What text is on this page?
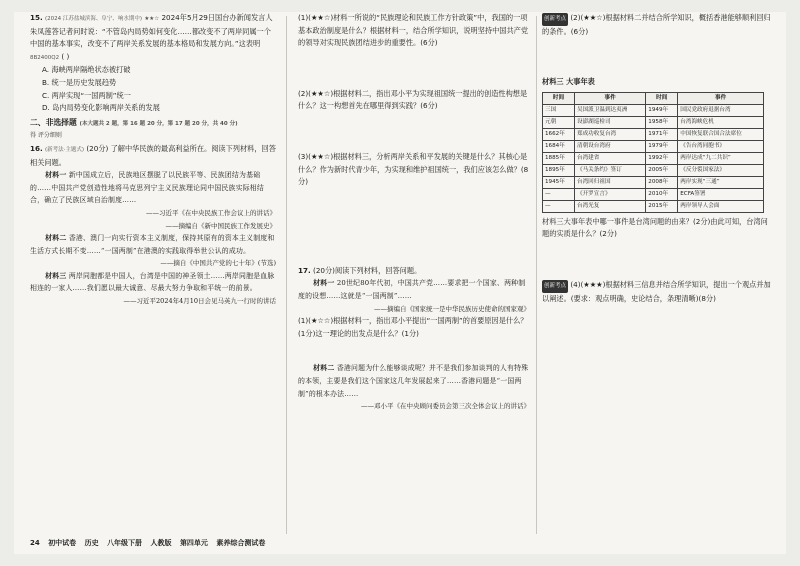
15. (2024 江苏盐城滨海、阜宁、响水期中) ★★☆ 2024年5月29日国台办新闻发言人朱凤莲答记者问时说：“不管岛内局势如何变化……都改变不了两岸同属一个中国的基本事实，改变不了两岸关系发展的基本格局和发展方向。”这表明 8B2400Q2 ( )

A. 海峡两岸隔绝状态被打破

B. 统一是历史发展趋势

C. 两岸实现“一国两制”统一

D. 岛内局势变化影响两岸关系的发展

二、非选择题 (本大题共 2 题，第 16 题 20 分，第 17 题 20 分，共 40 分)

得 评分细则

16. (新考法·主题式) (20分) 了解中华民族的最高利益所在。阅读下列材料，回答相关问题。

材料一 新中国成立后，民族地区摆脱了以民族平等、民族团结为基础的……中国共产党创造性地将马克思列宁主义民族理论同中国民族实际相结合，确立了民族区域自治制度……

——习近平《在中央民族工作会议上的讲话》

——摘编自《新中国民族工作发展史》

材料二 香港、澳门一向实行资本主义制度，保持其原有的资本主义制度和生活方式长期不变……“一国两制”在港澳的实践取得举世公认的成功。

——摘自《中国共产党的七十年》(节选)

材料三 两岸同胞都是中国人，台湾是中国的神圣领土……两岸同胞是血脉相连的一家人……我们愿以最大诚意、尽最大努力争取和平统一的前景。

——习近平2024年4月10日会见马英九一行时的讲话

(1)(★★☆)材料一所说的“民族理论和民族工作方针政策”中，我国的一项基本政治制度是什么？根据材料一，结合所学知识，说明坚持中国共产党的领导对实现民族团结进步的重要性。(6分)

(2)(★★☆)根据材料二，指出邓小平为实现祖国统一提出的创造性构想是什么？这一构想首先在哪里得到实践？(6分)

(3)(★★☆)根据材料三，分析两岸关系和平发展的关键是什么？其核心是什么？作为新时代青少年，为实现和维护祖国统一，我们应该怎么做？(8分)

17. (20分)阅读下列材料，回答问题。

材料一 20世纪80年代初，中国共产党……要求把一个国家、两种制度的设想……这就是“一国两制”……

——摘编自《国家统一是中华民族历史使命的国家观》

(1)(★☆☆)根据材料一，指出邓小平提出“一国两制”的首要原因是什么？(1分)这一理论的出发点是什么？(1分)

材料二 香港问题为什么能够谈成呢？并不是我们参加谈判的人有特殊的本领，主要是我们这个国家这几年发展起来了……香港问题是“一国两制”的根本办法……

——邓小平《在中央顾问委员会第三次全体会议上的讲话》

创新考点 (2)(★★☆)根据材料二并结合所学知识，概括香港能够顺利回归的条件。(6分)

材料三 大事年表

时间	事件	时间	事件
三国	吴国派卫温到达夷洲	1949年	国民党政府退据台湾
元朝	设澎湖巡检司	1958年	台湾海峡危机
1662年	郑成功收复台湾	1971年	中国恢复联合国合法席位
1684年	清朝设台湾府	1979年	《告台湾同胞书》
1885年	台湾建省	1992年	两岸达成“九二共识”
1895年	《马关条约》签订	2005年	《反分裂国家法》
1945年	台湾回归祖国	2008年	两岸实现“三通”
—	《开罗宣言》	2010年	ECFA签署
—	台湾光复	2015年	两岸领导人会面

材料三大事年表中哪一事件是台湾问题的由来？(2分)由此可知，台湾问题的实质是什么？(2分)

创新考点 (4)(★★★)根据材料三信息并结合所学知识，提出一个观点并加以阐述。(要求：观点明确，史论结合，条理清晰)(8分)

24 初中试卷 历史 八年级下册 人教版 第四单元 素养综合测试卷
